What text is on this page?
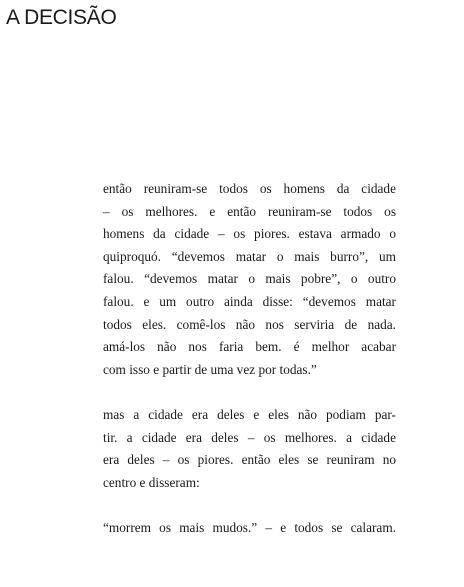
A DECISÃO
então reuniram-se todos os homens da cidade
– os melhores. e então reuniram-se todos os
homens da cidade – os piores. estava armado o
quiproquó. “devemos matar o mais burro”, um
falou. “devemos matar o mais pobre”, o outro
falou. e um outro ainda disse: “devemos matar
todos eles. comê-los não nos serviria de nada.
amá-los não nos faria bem. é melhor acabar
com isso e partir de uma vez por todas.”
mas a cidade era deles e eles não podiam par-
tir. a cidade era deles – os melhores. a cidade
era deles – os piores. então eles se reuniram no
centro e disseram:
“morrem os mais mudos.” – e todos se calaram.
